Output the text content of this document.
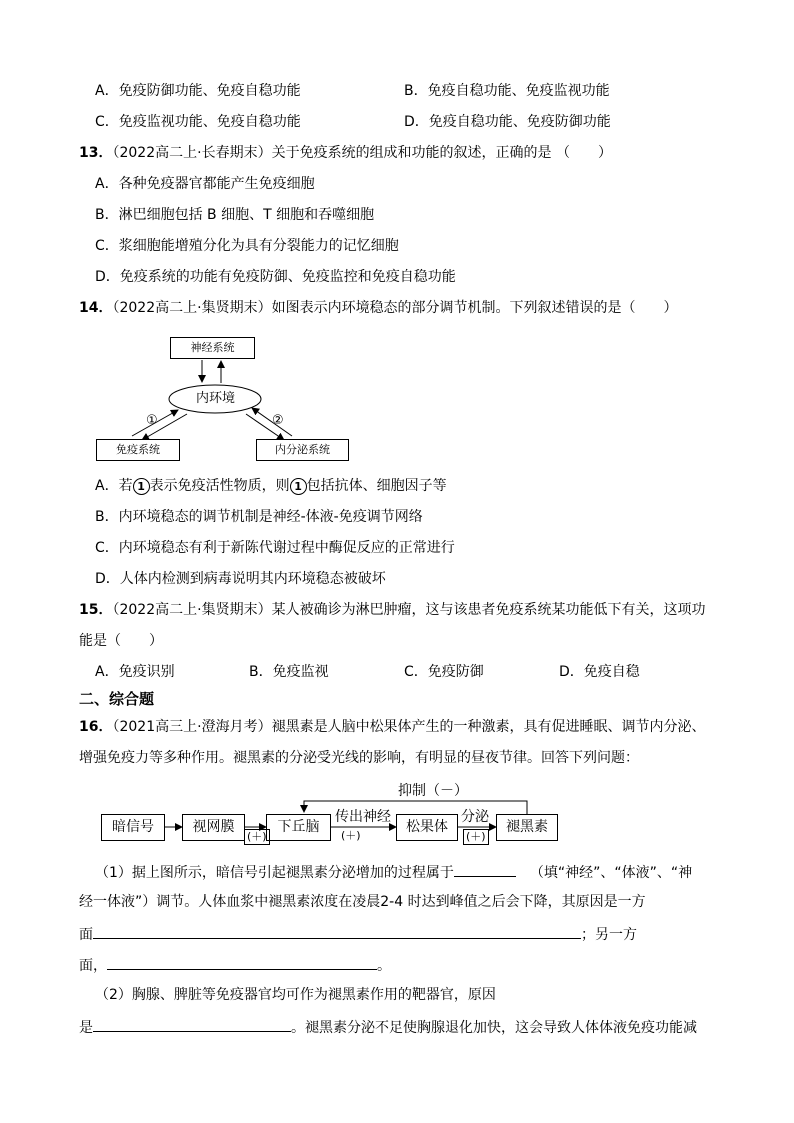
A．免疫防御功能、免疫自稳功能	B．免疫自稳功能、免疫监视功能
C．免疫监视功能、免疫自稳功能	D．免疫自稳功能、免疫防御功能
13．（2022高二上·长春期末）关于免疫系统的组成和功能的叙述，正确的是 （　　）
A．各种免疫器官都能产生免疫细胞
B．淋巴细胞包括 B 细胞、T 细胞和吞噬细胞
C．浆细胞能增殖分化为具有分裂能力的记忆细胞
D．免疫系统的功能有免疫防御、免疫监控和免疫自稳功能
14．（2022高二上·集贤期末）如图表示内环境稳态的部分调节机制。下列叙述错误的是（　　）
神经系统
内环境
免疫系统	内分泌系统
①	②
A．若 1 表示免疫活性物质，则 1 包括抗体、细胞因子等
B．内环境稳态的调节机制是神经-体液-免疫调节网络
C．内环境稳态有利于新陈代谢过程中酶促反应的正常进行
D．人体内检测到病毒说明其内环境稳态被破坏
15．（2022高二上·集贤期末）某人被确诊为淋巴肿瘤，这与该患者免疫系统某功能低下有关，这项功
能是（　　）
A．免疫识别	B．免疫监视	C．免疫防御	D．免疫自稳
二、综合题
16．（2021高三上·澄海月考）褪黑素是人脑中松果体产生的一种激素，具有促进睡眠、调节内分泌、
增强免疫力等多种作用。褪黑素的分泌受光线的影响，有明显的昼夜节律。回答下列问题：
暗信号	视网膜	下丘脑	松果体	褪黑素
抑制（－）
传出神经	分泌
(＋)	(＋)	(＋)
（1）据上图所示，暗信号引起褪黑素分泌增加的过程属于	（填“神经”、“体液”、“神
经一体液”）调节。人体血浆中褪黑素浓度在凌晨2-4 时达到峰值之后会下降，其原因是一方
面	；另一方
面，	。
（2）胸腺、脾脏等免疫器官均可作为褪黑素作用的靶器官，原因
是	。褪黑素分泌不足使胸腺退化加快，这会导致人体体液免疫功能减
